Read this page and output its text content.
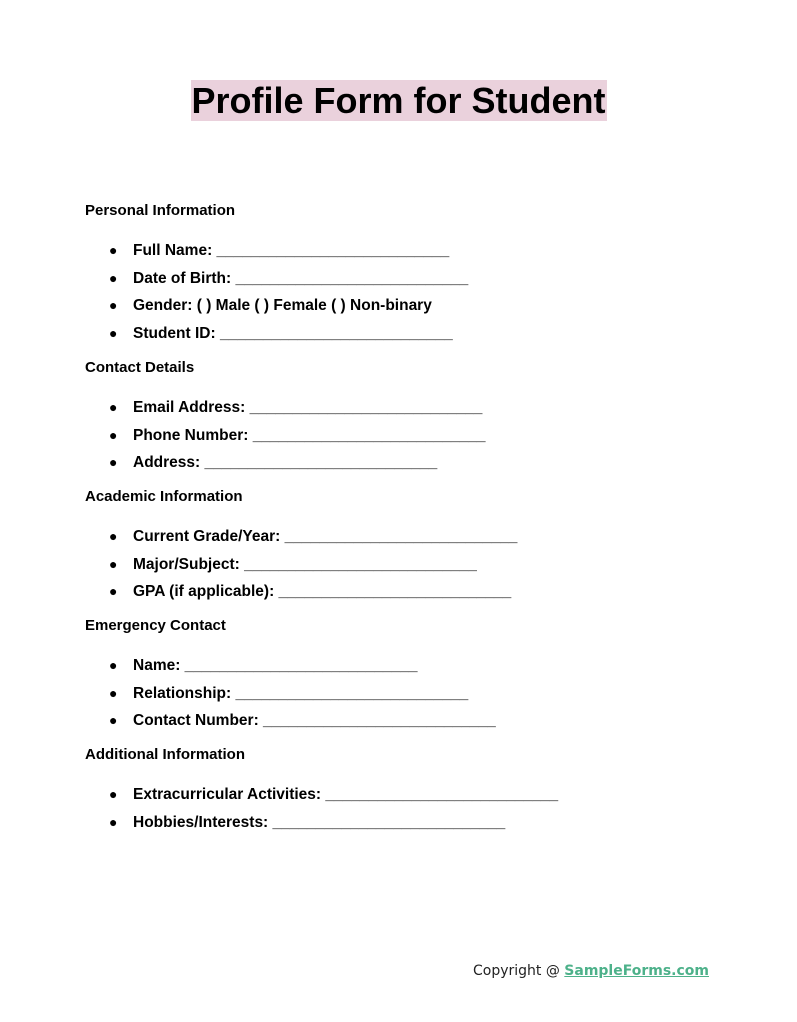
Profile Form for Student

Personal Information

● Full Name: ___________________________
● Date of Birth: ___________________________
● Gender: ( ) Male ( ) Female ( ) Non-binary
● Student ID: ___________________________

Contact Details

● Email Address: ___________________________
● Phone Number: ___________________________
● Address: ___________________________

Academic Information

● Current Grade/Year: ___________________________
● Major/Subject: ___________________________
● GPA (if applicable): ___________________________

Emergency Contact

● Name: ___________________________
● Relationship: ___________________________
● Contact Number: ___________________________

Additional Information

● Extracurricular Activities: ___________________________
● Hobbies/Interests: ___________________________
Copyright @ SampleForms.com
